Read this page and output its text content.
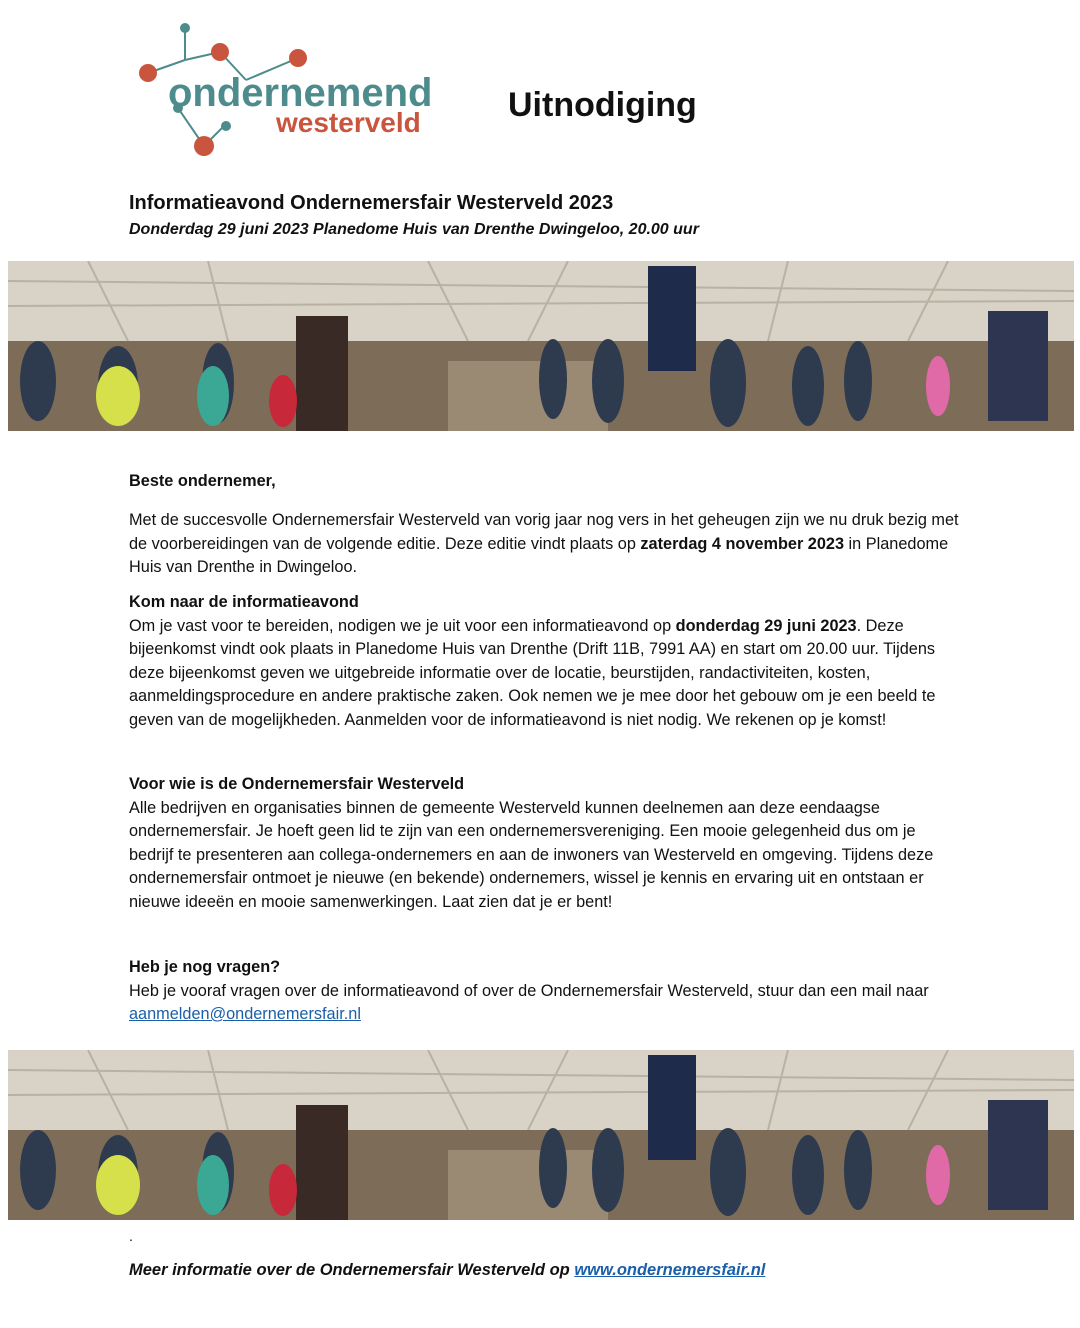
ondernemend
westerveld	Uitnodiging

Informatieavond Ondernemersfair Westerveld 2023

Donderdag 29 juni 2023 Planedome Huis van Drenthe Dwingeloo, 20.00 uur

Beste ondernemer,

Met de succesvolle Ondernemersfair Westerveld van vorig jaar nog vers in het geheugen zijn we nu druk bezig met de voorbereidingen van de volgende editie. Deze editie vindt plaats op zaterdag 4 november 2023 in Planedome Huis van Drenthe in Dwingeloo.

Kom naar de informatieavond

Om je vast voor te bereiden, nodigen we je uit voor een informatieavond op donderdag 29 juni 2023. Deze bijeenkomst vindt ook plaats in Planedome Huis van Drenthe (Drift 11B, 7991 AA) en start om 20.00 uur. Tijdens deze bijeenkomst geven we uitgebreide informatie over de locatie, beurstijden, randactiviteiten, kosten, aanmeldingsprocedure en andere praktische zaken. Ook nemen we je mee door het gebouw om je een beeld te geven van de mogelijkheden. Aanmelden voor de informatieavond is niet nodig. We rekenen op je komst!

Voor wie is de Ondernemersfair Westerveld

Alle bedrijven en organisaties binnen de gemeente Westerveld kunnen deelnemen aan deze eendaagse ondernemersfair. Je hoeft geen lid te zijn van een ondernemersvereniging. Een mooie gelegenheid dus om je bedrijf te presenteren aan collega-ondernemers en aan de inwoners van Westerveld en omgeving. Tijdens deze ondernemersfair ontmoet je nieuwe (en bekende) ondernemers, wissel je kennis en ervaring uit en ontstaan er nieuwe ideeën en mooie samenwerkingen. Laat zien dat je er bent!

Heb je nog vragen?

Heb je vooraf vragen over de informatieavond of over de Ondernemersfair Westerveld, stuur dan een mail naar aanmelden@ondernemersfair.nl

.
Meer informatie over de Ondernemersfair Westerveld op www.ondernemersfair.nl
